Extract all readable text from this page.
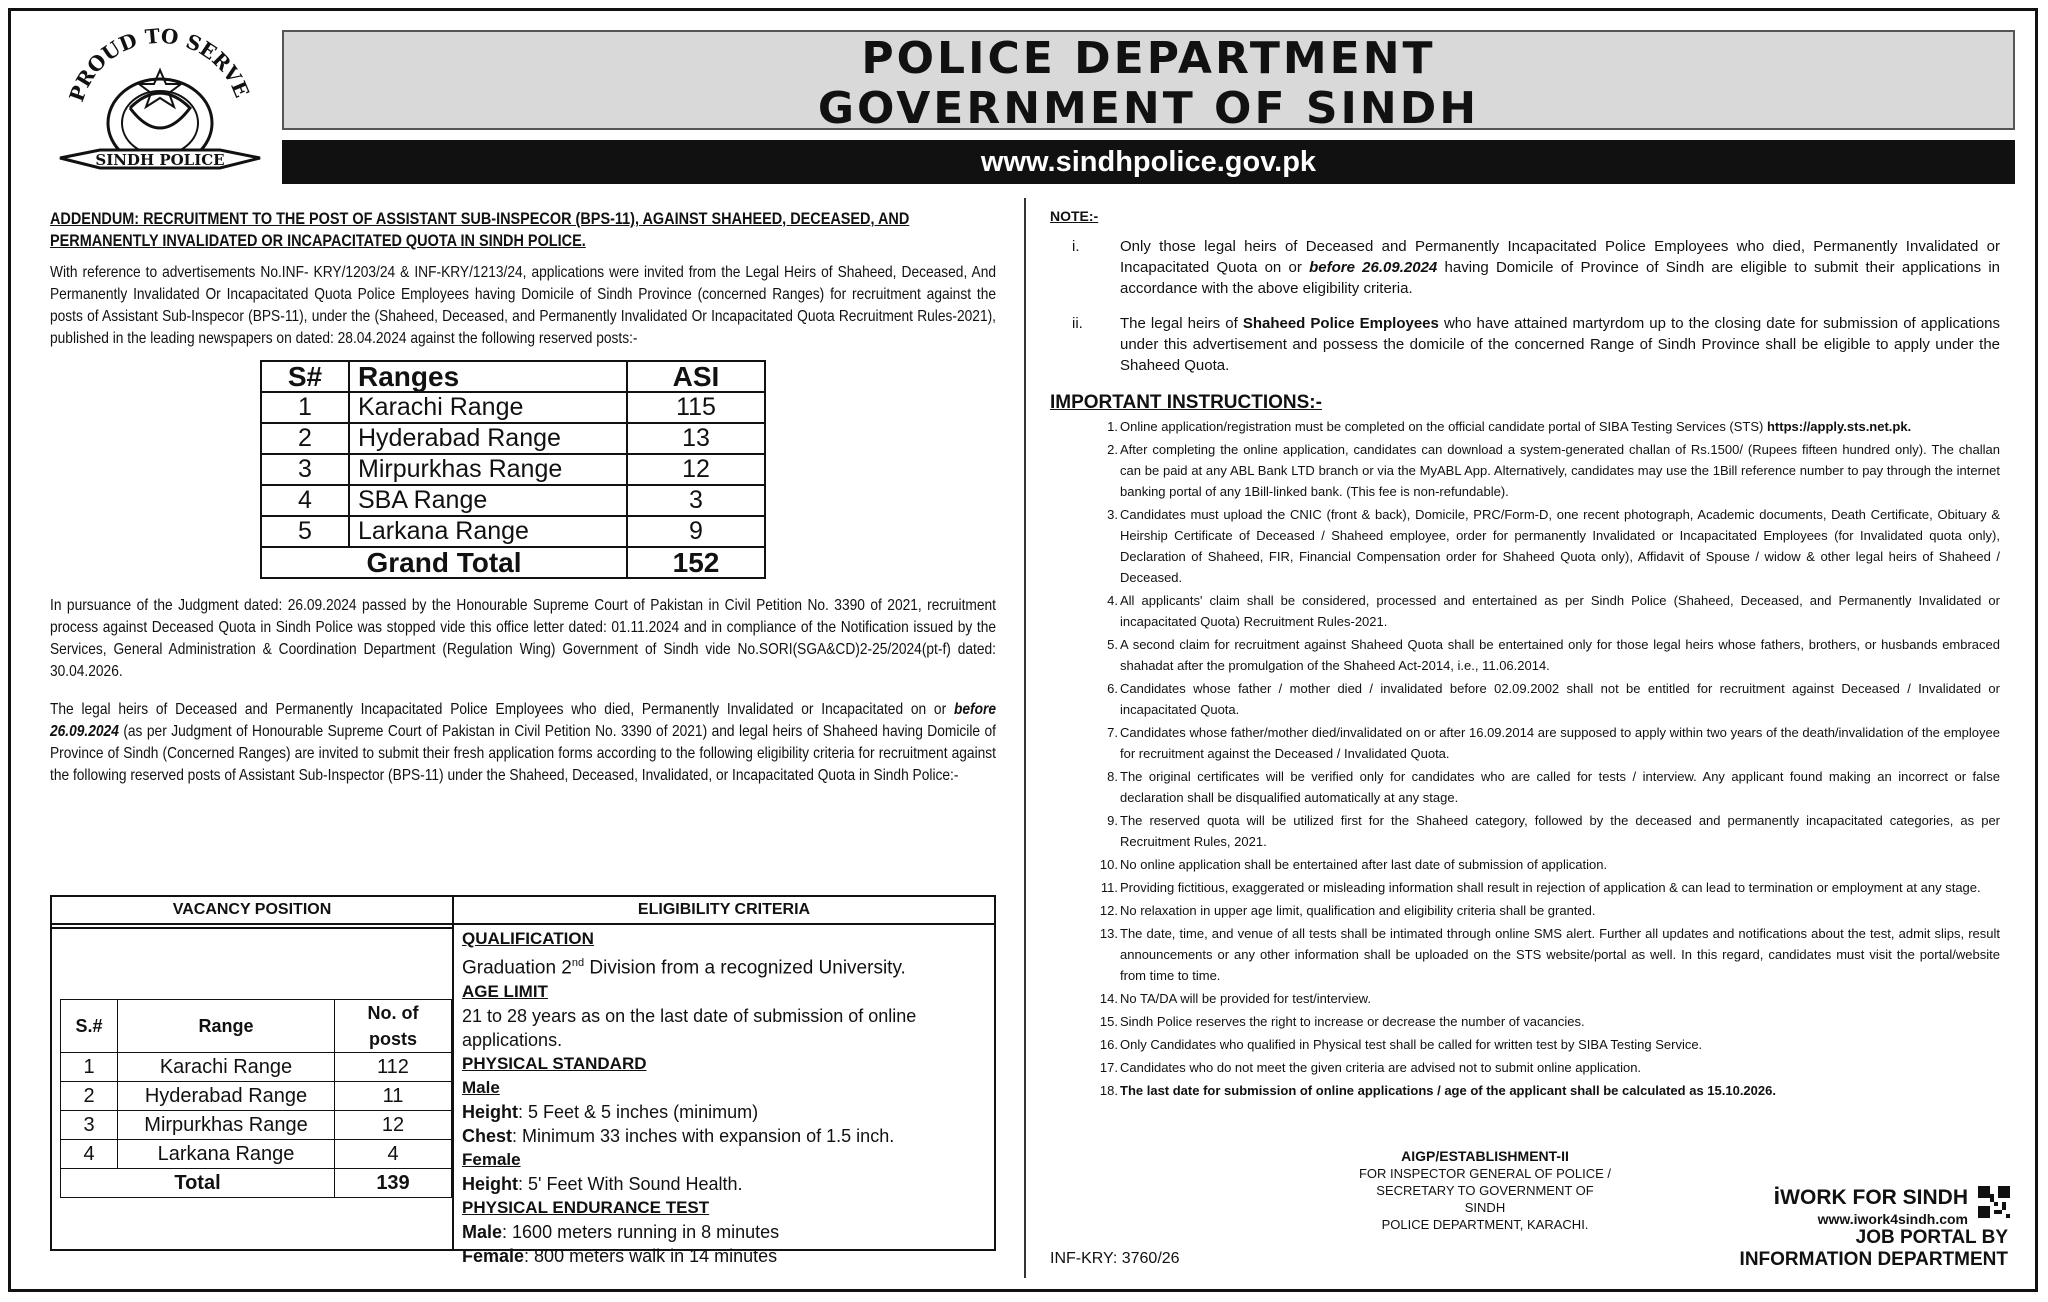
PROUD TO SERVE
SINDH POLICE
POLICE DEPARTMENT
GOVERNMENT OF SINDH
www.sindhpolice.gov.pk
ADDENDUM: RECRUITMENT TO THE POST OF ASSISTANT SUB-INSPECOR (BPS-11), AGAINST SHAHEED, DECEASED, AND PERMANENTLY INVALIDATED OR INCAPACITATED QUOTA IN SINDH POLICE.
With reference to advertisements No.INF- KRY/1203/24 & INF-KRY/1213/24, applications were invited from the Legal Heirs of Shaheed, Deceased, And Permanently Invalidated Or Incapacitated Quota Police Employees having Domicile of Sindh Province (concerned Ranges) for recruitment against the posts of Assistant Sub-Inspecor (BPS-11), under the (Shaheed, Deceased, and Permanently Invalidated Or Incapacitated Quota Recruitment Rules-2021), published in the leading newspapers on dated: 28.04.2024 against the following reserved posts:-
S#	Ranges	ASI
1	Karachi Range	115
2	Hyderabad Range	13
3	Mirpurkhas Range	12
4	SBA Range	3
5	Larkana Range	9
Grand Total		152
In pursuance of the Judgment dated: 26.09.2024 passed by the Honourable Supreme Court of Pakistan in Civil Petition No. 3390 of 2021, recruitment process against Deceased Quota in Sindh Police was stopped vide this office letter dated: 01.11.2024 and in compliance of the Notification issued by the Services, General Administration & Coordination Department (Regulation Wing) Government of Sindh vide No.SORI(SGA&CD)2-25/2024(pt-f) dated: 30.04.2026.
The legal heirs of Deceased and Permanently Incapacitated Police Employees who died, Permanently Invalidated or Incapacitated on or before 26.09.2024 (as per Judgment of Honourable Supreme Court of Pakistan in Civil Petition No. 3390 of 2021) and legal heirs of Shaheed having Domicile of Province of Sindh (Concerned Ranges) are invited to submit their fresh application forms according to the following eligibility criteria for recruitment against the following reserved posts of Assistant Sub-Inspector (BPS-11) under the Shaheed, Deceased, Invalidated, or Incapacitated Quota in Sindh Police:-
VACANCY POSITION	ELIGIBILITY CRITERIA
S.#	Range	No. of posts
1	Karachi Range	112
2	Hyderabad Range	11
3	Mirpurkhas Range	12
4	Larkana Range	4
Total		139
QUALIFICATION
Graduation 2nd Division from a recognized University.
AGE LIMIT
21 to 28 years as on the last date of submission of online applications.
PHYSICAL STANDARD
Male
Height: 5 Feet & 5 inches (minimum)
Chest: Minimum 33 inches with expansion of 1.5 inch.
Female
Height: 5' Feet With Sound Health.
PHYSICAL ENDURANCE TEST
Male: 1600 meters running in 8 minutes
Female: 800 meters walk in 14 minutes
NOTE:-
i.	Only those legal heirs of Deceased and Permanently Incapacitated Police Employees who died, Permanently Invalidated or Incapacitated Quota on or before 26.09.2024 having Domicile of Province of Sindh are eligible to submit their applications in accordance with the above eligibility criteria.
ii. The legal heirs of Shaheed Police Employees who have attained martyrdom up to the closing date for submission of applications under this advertisement and possess the domicile of the concerned Range of Sindh Province shall be eligible to apply under the Shaheed Quota.
IMPORTANT INSTRUCTIONS:-
1. Online application/registration must be completed on the official candidate portal of SIBA Testing Services (STS) https://apply.sts.net.pk.
2. After completing the online application, candidates can download a system-generated challan of Rs.1500/ (Rupees fifteen hundred only). The challan can be paid at any ABL Bank LTD branch or via the MyABL App. Alternatively, candidates may use the 1Bill reference number to pay through the internet banking portal of any 1Bill-linked bank. (This fee is non-refundable).
3. Candidates must upload the CNIC (front & back), Domicile, PRC/Form-D, one recent photograph, Academic documents, Death Certificate, Obituary & Heirship Certificate of Deceased / Shaheed employee, order for permanently Invalidated or Incapacitated Employees (for Invalidated quota only), Declaration of Shaheed, FIR, Financial Compensation order for Shaheed Quota only), Affidavit of Spouse / widow & other legal heirs of Shaheed / Deceased.
4. All applicants' claim shall be considered, processed and entertained as per Sindh Police (Shaheed, Deceased, and Permanently Invalidated or incapacitated Quota) Recruitment Rules-2021.
5. A second claim for recruitment against Shaheed Quota shall be entertained only for those legal heirs whose fathers, brothers, or husbands embraced shahadat after the promulgation of the Shaheed Act-2014, i.e., 11.06.2014.
6. Candidates whose father / mother died / invalidated before 02.09.2002 shall not be entitled for recruitment against Deceased / Invalidated or incapacitated Quota.
7. Candidates whose father/mother died/invalidated on or after 16.09.2014 are supposed to apply within two years of the death/invalidation of the employee for recruitment against the Deceased / Invalidated Quota.
8. The original certificates will be verified only for candidates who are called for tests / interview. Any applicant found making an incorrect or false declaration shall be disqualified automatically at any stage.
9. The reserved quota will be utilized first for the Shaheed category, followed by the deceased and permanently incapacitated categories, as per Recruitment Rules, 2021.
10. No online application shall be entertained after last date of submission of application.
11. Providing fictitious, exaggerated or misleading information shall result in rejection of application & can lead to termination or employment at any stage.
12. No relaxation in upper age limit, qualification and eligibility criteria shall be granted.
13. The date, time, and venue of all tests shall be intimated through online SMS alert. Further all updates and notifications about the test, admit slips, result announcements or any other information shall be uploaded on the STS website/portal as well. In this regard, candidates must visit the portal/website from time to time.
14. No TA/DA will be provided for test/interview.
15. Sindh Police reserves the right to increase or decrease the number of vacancies.
16. Only Candidates who qualified in Physical test shall be called for written test by SIBA Testing Service.
17. Candidates who do not meet the given criteria are advised not to submit online application.
18. The last date for submission of online applications / age of the applicant shall be calculated as 15.10.2026.
AIGP/ESTABLISHMENT-II
FOR INSPECTOR GENERAL OF POLICE /
SECRETARY TO GOVERNMENT OF SINDH
POLICE DEPARTMENT, KARACHI.
INF-KRY: 3760/26
iWORK FOR SINDH
www.iwork4sindh.com
JOB PORTAL BY
INFORMATION DEPARTMENT
